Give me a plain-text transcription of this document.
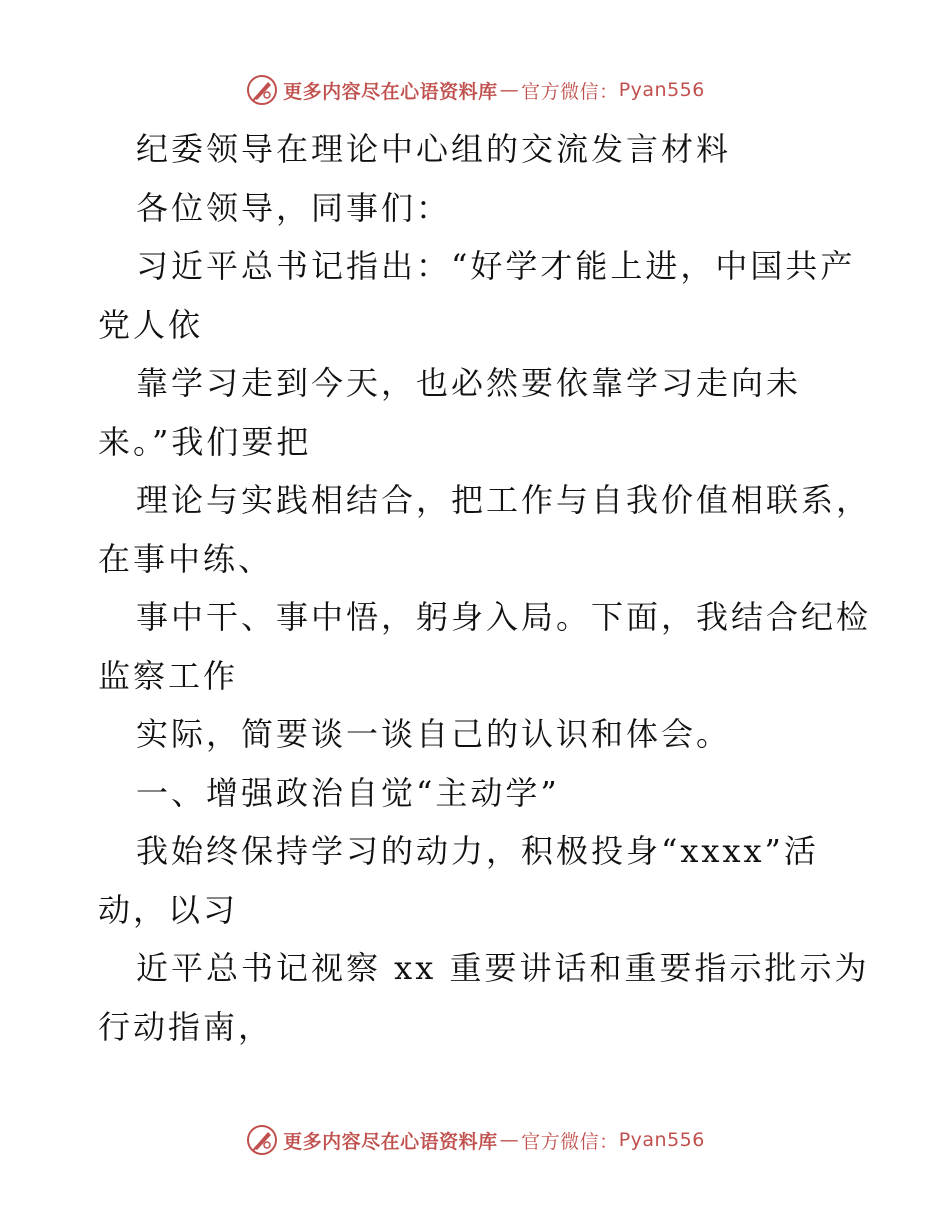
更多内容尽在心语资料库 — 官方微信： Pyan556
纪委领导在理论中心组的交流发言材料
各位领导，同事们：
习近平总书记指出：“好学才能上进，中国共产
党人依
靠学习走到今天，也必然要依靠学习走向未
来。”我们要把
理论与实践相结合，把工作与自我价值相联系，
在事中练、
事中干、事中悟，躬身入局。下面，我结合纪检
监察工作
实际，简要谈一谈自己的认识和体会。
一、增强政治自觉“主动学”
我始终保持学习的动力，积极投身“xxxx”活
动，以习
近平总书记视察 xx 重要讲话和重要指示批示为
行动指南，
更多内容尽在心语资料库 — 官方微信： Pyan556
